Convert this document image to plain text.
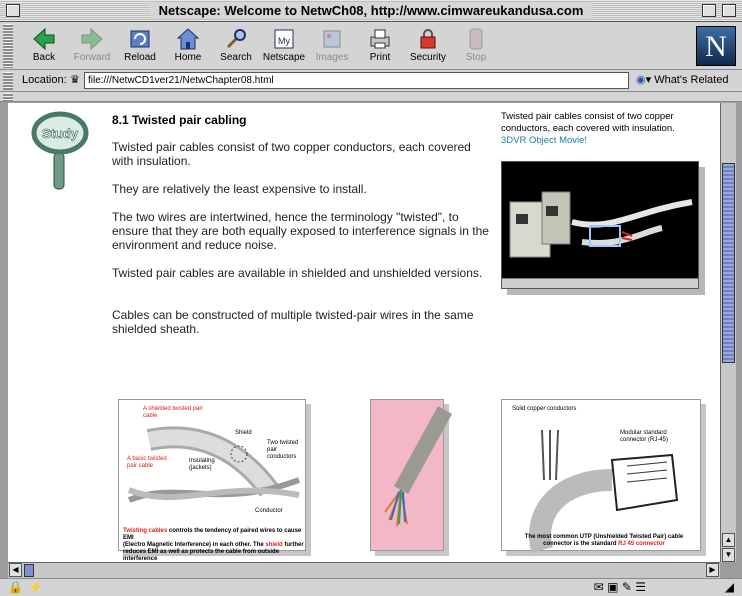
Netscape: Welcome to NetwCh08, http://www.cimwareukandusa.com
Back	Forward	Reload	Home	Search
My
Netscape	Images	Print	Security	Stop	N
Location: ♛ file:///NetwCD1ver21/NetwChapter08.html	◉▾ What's Related
Study
8.1 Twisted pair cabling
Twisted pair cables consist of two copper conductors, each covered with insulation.
They are relatively the least expensive to install.
The two wires are intertwined, hence the terminology "twisted", to ensure that they are both equally exposed to interference signals in the environment and reduce noise.
Twisted pair cables are available in shielded and unshielded versions.
Cables can be constructed of multiple twisted-pair wires in the same shielded sheath.
Twisted pair cables consist of two copper conductors, each covered with insulation.
3DVR Object Movie!
A shielded twisted pair cable
Shield
Two twisted pair conductors
Insulating (jackets)
A basic twisted pair cable
Conductor
Twisting cables controls the tendency of paired wires to cause EMI
(Electro Magnetic Interference) in each other. The shield further
reduces EMI as well as protects the cable from outside interference
Solid copper conductors
Modular standard connector (RJ-45)
The most common UTP (Unshielded Twisted Pair) cable
connector is the standard RJ 45 connector	▲
▼
◀	▶
🔒 ⚡	✉ ▣ ✎ ☰	◢
